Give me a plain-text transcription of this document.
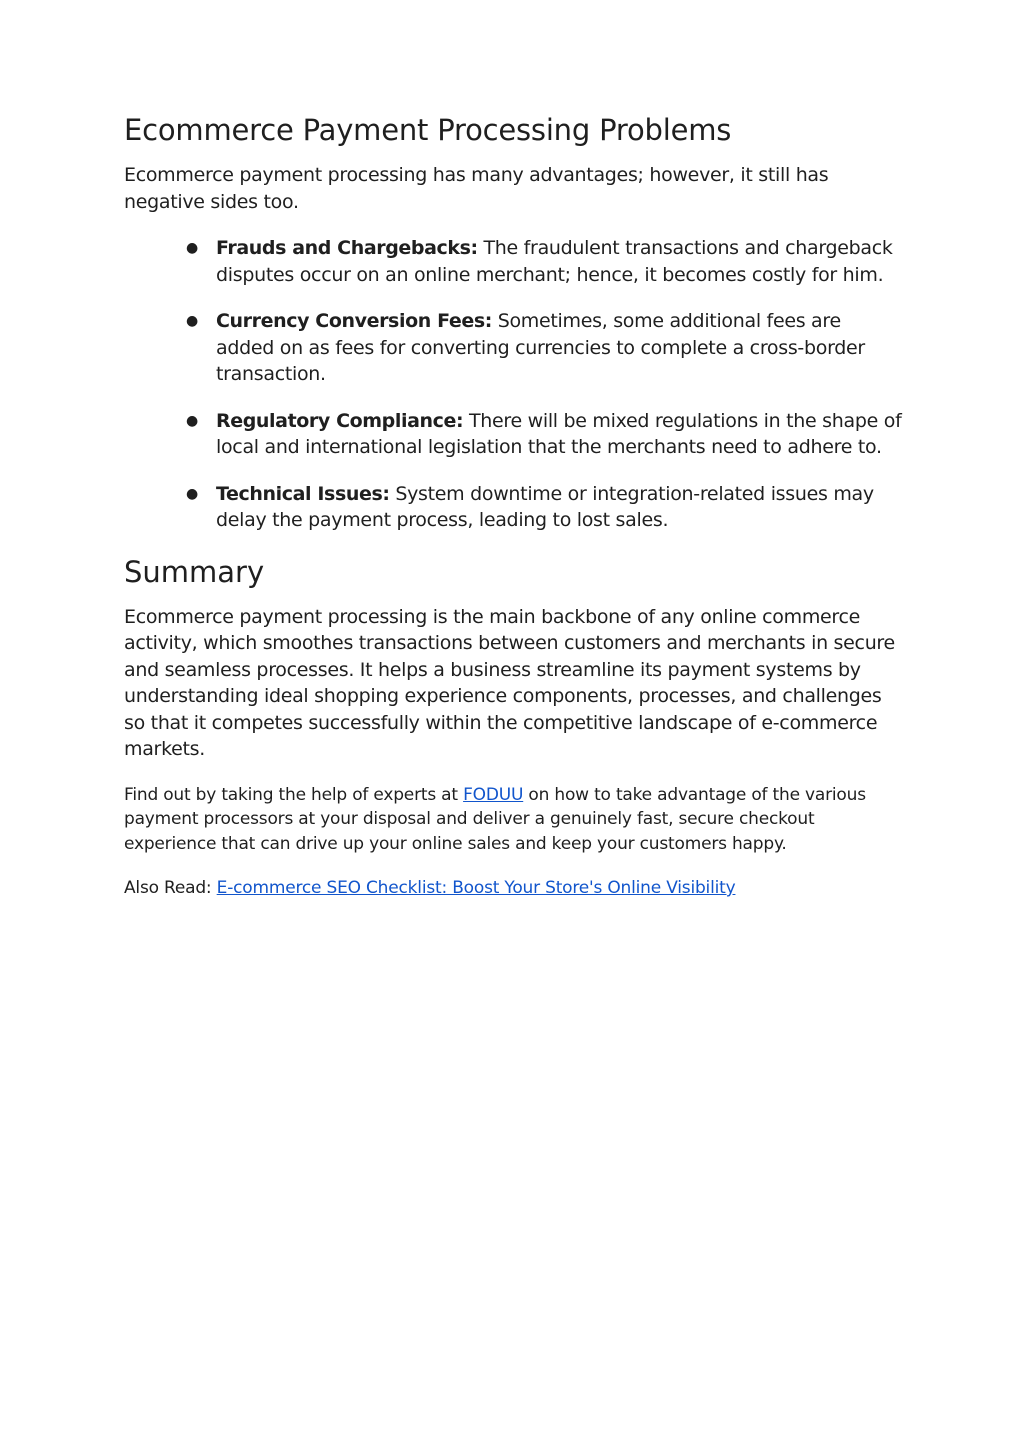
Ecommerce Payment Processing Problems

Ecommerce payment processing has many advantages; however, it still has negative sides too.

● Frauds and Chargebacks: The fraudulent transactions and chargeback disputes occur on an online merchant; hence, it becomes costly for him.
● Currency Conversion Fees: Sometimes, some additional fees are added on as fees for converting currencies to complete a cross-border transaction.
● Regulatory Compliance: There will be mixed regulations in the shape of local and international legislation that the merchants need to adhere to.
● Technical Issues: System downtime or integration-related issues may delay the payment process, leading to lost sales.
Summary

Ecommerce payment processing is the main backbone of any online commerce activity, which smoothes transactions between customers and merchants in secure and seamless processes. It helps a business streamline its payment systems by understanding ideal shopping experience components, processes, and challenges so that it competes successfully within the competitive landscape of e-commerce markets.

Find out by taking the help of experts at FODUU on how to take advantage of the various payment processors at your disposal and deliver a genuinely fast, secure checkout experience that can drive up your online sales and keep your customers happy.

Also Read: E-commerce SEO Checklist: Boost Your Store's Online Visibility
